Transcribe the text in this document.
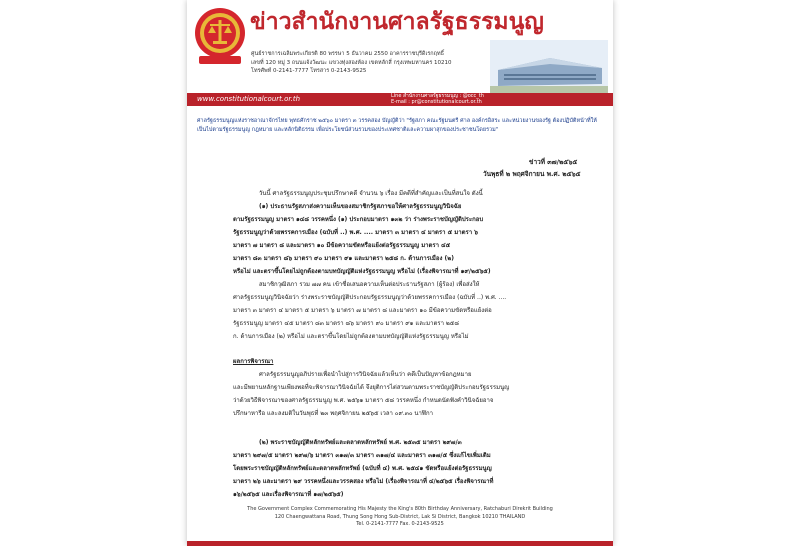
ข่าวสำนักงานศาลรัฐธรรมนูญ
ศูนย์ราชการเฉลิมพระเกียรติ 80 พรรษา 5 ธันวาคม 2550 อาคารราชบุรีดิเรกฤทธิ์
เลขที่ 120 หมู่ 3 ถนนแจ้งวัฒนะ แขวงทุ่งสองห้อง เขตหลักสี่ กรุงเทพมหานคร 10210
โทรศัพท์ 0-2141-7777 โทรสาร 0-2143-9525
www.constitutionalcourt.or.th	Line สำนักงานศาลรัฐธรรมนูญ : @occ_th
E-mail : pr@constitutionalcourt.or.th
ศาลรัฐธรรมนูญแห่งราชอาณาจักรไทย พุทธศักราช ๒๕๖๐ มาตรา ๓ วรรคสอง บัญญัติว่า "รัฐสภา คณะรัฐมนตรี ศาล องค์กรอิสระ และหน่วยงานของรัฐ ต้องปฏิบัติหน้าที่ให้เป็นไปตามรัฐธรรมนูญ กฎหมาย และหลักนิติธรรม เพื่อประโยชน์ส่วนรวมของประเทศชาติและความผาสุกของประชาชนโดยรวม"
ข่าวที่ ๓๗/๒๕๖๕
วันพุธที่ ๒ พฤศจิกายน พ.ศ. ๒๕๖๕

วันนี้ ศาลรัฐธรรมนูญประชุมปรึกษาคดี จำนวน ๖ เรื่อง มีคดีที่สำคัญและเป็นที่สนใจ ดังนี้

(๑) ประธานรัฐสภาส่งความเห็นของสมาชิกรัฐสภาขอให้ศาลรัฐธรรมนูญวินิจฉัย

ตามรัฐธรรมนูญ มาตรา ๑๔๘ วรรคหนึ่ง (๑) ประกอบมาตรา ๑๓๒ ว่า ร่างพระราชบัญญัติประกอบ

รัฐธรรมนูญว่าด้วยพรรคการเมือง (ฉบับที่ ..) พ.ศ. .... มาตรา ๓ มาตรา ๔ มาตรา ๕ มาตรา ๖

มาตรา ๗ มาตรา ๘ และมาตรา ๑๐ มีข้อความขัดหรือแย้งต่อรัฐธรรมนูญ มาตรา ๔๕

มาตรา ๘๓ มาตรา ๘๖ มาตรา ๙๐ มาตรา ๙๑ และมาตรา ๒๕๘ ก. ด้านการเมือง (๒)

หรือไม่ และตราขึ้นโดยไม่ถูกต้องตามบทบัญญัติแห่งรัฐธรรมนูญ หรือไม่ (เรื่องพิจารณาที่ ๑๙/๒๕๖๕)

สมาชิกวุฒิสภา รวม ๗๗ คน เข้าชื่อเสนอความเห็นต่อประธานรัฐสภา (ผู้ร้อง) เพื่อส่งให้

ศาลรัฐธรรมนูญวินิจฉัยว่า ร่างพระราชบัญญัติประกอบรัฐธรรมนูญว่าด้วยพรรคการเมือง (ฉบับที่ ..) พ.ศ. ....

มาตรา ๓ มาตรา ๔ มาตรา ๕ มาตรา ๖ มาตรา ๗ มาตรา ๘ และมาตรา ๑๐ มีข้อความขัดหรือแย้งต่อ

รัฐธรรมนูญ มาตรา ๔๕ มาตรา ๘๓ มาตรา ๘๖ มาตรา ๙๐ มาตรา ๙๑ และมาตรา ๒๕๘

ก. ด้านการเมือง (๒) หรือไม่ และตราขึ้นโดยไม่ถูกต้องตามบทบัญญัติแห่งรัฐธรรมนูญ หรือไม่

ผลการพิจารณา

ศาลรัฐธรรมนูญอภิปรายเพื่อนำไปสู่การวินิจฉัยแล้วเห็นว่า คดีเป็นปัญหาข้อกฎหมาย

และมีพยานหลักฐานเพียงพอที่จะพิจารณาวินิจฉัยได้ จึงยุติการไต่สวนตามพระราชบัญญัติประกอบรัฐธรรมนูญ

ว่าด้วยวิธีพิจารณาของศาลรัฐธรรมนูญ พ.ศ. ๒๕๖๑ มาตรา ๕๘ วรรคหนึ่ง กำหนดนัดฟังคำวินิจฉัยอาจ

ปรึกษาหารือ และลงมติในวันพุธที่ ๒๓ พฤศจิกายน ๒๕๖๕ เวลา ๐๙.๓๐ นาฬิกา

(๒) พระราชบัญญัติหลักทรัพย์และตลาดหลักทรัพย์ พ.ศ. ๒๕๓๕ มาตรา ๒๙๗/๓

มาตรา ๒๙๗/๕ มาตรา ๒๙๗/๖ มาตรา ๓๑๗/๓ มาตรา ๓๑๗/๔ และมาตรา ๓๑๗/๕ ซึ่งแก้ไขเพิ่มเติม

โดยพระราชบัญญัติหลักทรัพย์และตลาดหลักทรัพย์ (ฉบับที่ ๔) พ.ศ. ๒๕๔๑ ขัดหรือแย้งต่อรัฐธรรมนูญ

มาตรา ๒๖ และมาตรา ๒๙ วรรคหนึ่งและวรรคสอง หรือไม่ (เรื่องพิจารณาที่ ๔/๒๕๖๕ เรื่องพิจารณาที่

๑๖/๒๕๖๕ และเรื่องพิจารณาที่ ๑๗/๒๕๖๕)

The Government Complex Commemorating His Majesty the King's 80th Birthday Anniversary, Ratchaburi Direkrit Building
120 Chaengwattana Road, Thung Song Hong Sub-District, Lak Si District, Bangkok 10210 THAILAND
Tel. 0-2141-7777 Fax. 0-2143-9525
